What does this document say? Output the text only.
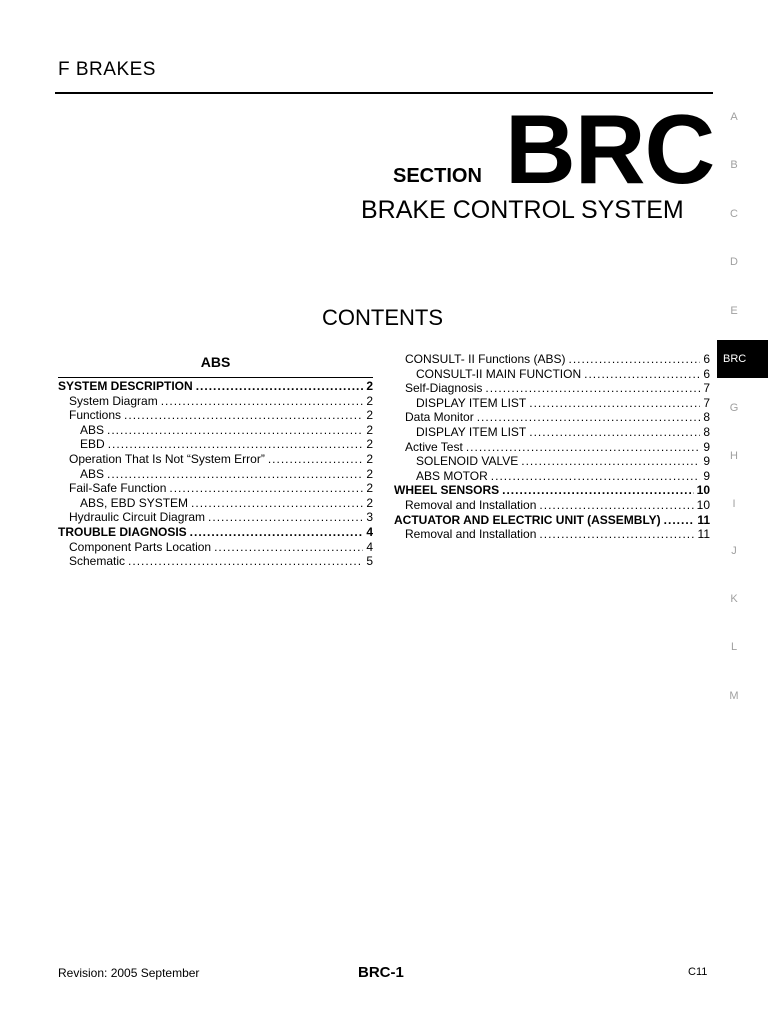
F BRAKES
SECTION BRC
BRAKE CONTROL SYSTEM
CONTENTS
ABS
SYSTEM DESCRIPTION .....	2
System Diagram .....	2
Functions .....	2
ABS .....	2
EBD .....	2
Operation That Is Not “System Error” .....	2
ABS .....	2
Fail-Safe Function .....	2
ABS, EBD SYSTEM .....	2
Hydraulic Circuit Diagram .....	3
TROUBLE DIAGNOSIS .....	4
Component Parts Location .....	4
Schematic .....	5
CONSULT- II Functions (ABS) .....	6
CONSULT-II MAIN FUNCTION .....	6
Self-Diagnosis .....	7
DISPLAY ITEM LIST .....	7
Data Monitor .....	8
DISPLAY ITEM LIST .....	8
Active Test .....	9
SOLENOID VALVE .....	9
ABS MOTOR .....	9
WHEEL SENSORS .....	10
Removal and Installation .....	10
ACTUATOR AND ELECTRIC UNIT (ASSEMBLY) .....	11
Removal and Installation .....	11
A
B
C
D
E
BRC
G
H
I
J
K
L
M
Revision: 2005 September	BRC-1	C11
